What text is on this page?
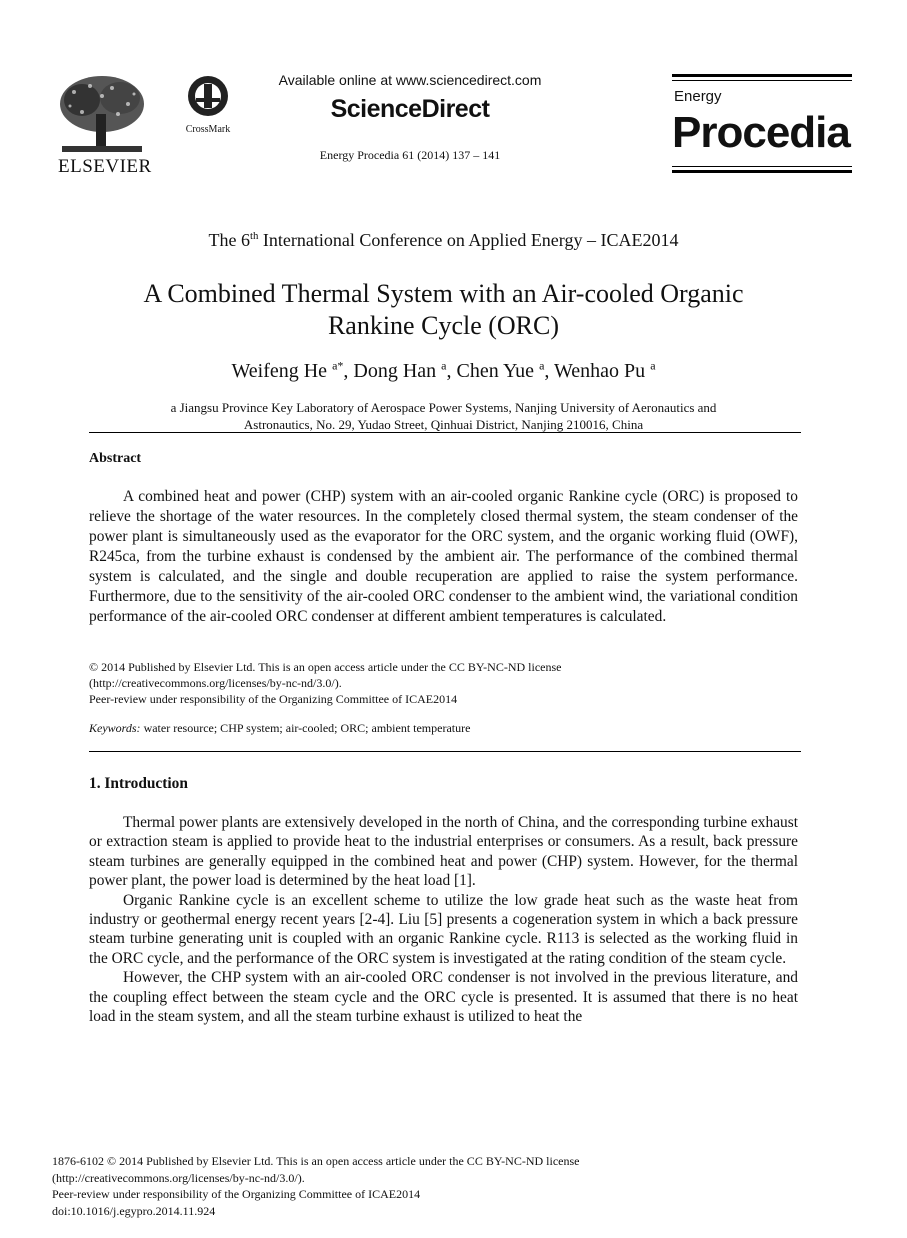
ELSEVIER
CrossMark
Available online at www.sciencedirect.com
ScienceDirect
Energy Procedia 61 (2014) 137 – 141
Energy
Procedia
The 6th International Conference on Applied Energy – ICAE2014
A Combined Thermal System with an Air-cooled Organic
Rankine Cycle (ORC)
Weifeng He $^{a*}$, Dong Han $^a$, Chen Yue $^a$, Wenhao Pu $^a$
a Jiangsu Province Key Laboratory of Aerospace Power Systems, Nanjing University of Aeronautics and
Astronautics, No. 29, Yudao Street, Qinhuai District, Nanjing 210016, China
Abstract

A combined heat and power (CHP) system with an air-cooled organic Rankine cycle (ORC) is proposed to relieve the shortage of the water resources. In the completely closed thermal system, the steam condenser of the power plant is simultaneously used as the evaporator for the ORC system, and the organic working fluid (OWF), R245ca, from the turbine exhaust is condensed by the ambient air. The performance of the combined thermal system is calculated, and the single and double recuperation are applied to raise the system performance. Furthermore, due to the sensitivity of the air-cooled ORC condenser to the ambient wind, the variational condition performance of the air-cooled ORC condenser at different ambient temperatures is calculated.

© 2014 Published by Elsevier Ltd. This is an open access article under the CC BY-NC-ND license
(http://creativecommons.org/licenses/by-nc-nd/3.0/).
Peer-review under responsibility of the Organizing Committee of ICAE2014
Keywords: water resource; CHP system; air-cooled; ORC; ambient temperature
1. Introduction

Thermal power plants are extensively developed in the north of China, and the corresponding turbine exhaust or extraction steam is applied to provide heat to the industrial enterprises or consumers. As a result, back pressure steam turbines are generally equipped in the combined heat and power (CHP) system. However, for the thermal power plant, the power load is determined by the heat load [1].

Organic Rankine cycle is an excellent scheme to utilize the low grade heat such as the waste heat from industry or geothermal energy recent years [2-4]. Liu [5] presents a cogeneration system in which a back pressure steam turbine generating unit is coupled with an organic Rankine cycle. R113 is selected as the working fluid in the ORC cycle, and the performance of the ORC system is investigated at the rating condition of the steam cycle.

However, the CHP system with an air-cooled ORC condenser is not involved in the previous literature, and the coupling effect between the steam cycle and the ORC cycle is presented. It is assumed that there is no heat load in the steam system, and all the steam turbine exhaust is utilized to heat the

1876-6102 © 2014 Published by Elsevier Ltd. This is an open access article under the CC BY-NC-ND license
(http://creativecommons.org/licenses/by-nc-nd/3.0/).
Peer-review under responsibility of the Organizing Committee of ICAE2014
doi:10.1016/j.egypro.2014.11.924
